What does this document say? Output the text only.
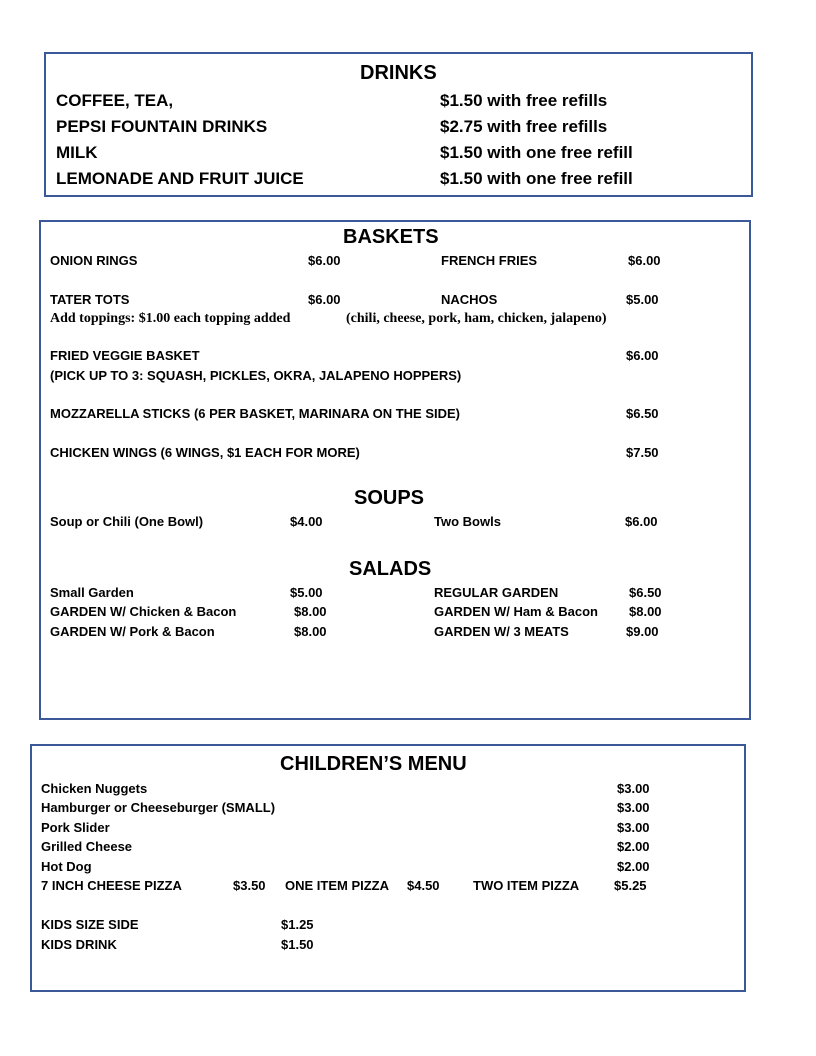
DRINKS
COFFEE, TEA,	$1.50 with free refills
PEPSI FOUNTAIN DRINKS	$2.75 with free refills
MILK	$1.50 with one free refill
LEMONADE AND FRUIT JUICE	$1.50 with one free refill
BASKETS
ONION RINGS	$6.00	FRENCH FRIES	$6.00
TATER TOTS	$6.00	NACHOS	$5.00
Add toppings: $1.00 each topping added	(chili, cheese, pork, ham, chicken, jalapeno)
FRIED VEGGIE BASKET	$6.00
(PICK UP TO 3: SQUASH, PICKLES, OKRA, JALAPENO HOPPERS)
MOZZARELLA STICKS (6 PER BASKET, MARINARA ON THE SIDE)	$6.50
CHICKEN WINGS (6 WINGS, $1 EACH FOR MORE)	$7.50
SOUPS
Soup or Chili (One Bowl)	$4.00	Two Bowls	$6.00
SALADS
Small Garden	$5.00	REGULAR GARDEN	$6.50
GARDEN W/ Chicken & Bacon	$8.00	GARDEN W/ Ham & Bacon $8.00
GARDEN W/ Pork & Bacon	$8.00	GARDEN W/ 3 MEATS	$9.00
CHILDREN’S MENU
Chicken Nuggets	$3.00
Hamburger or Cheeseburger (SMALL)	$3.00
Pork Slider	$3.00
Grilled Cheese	$2.00
Hot Dog	$2.00
7 INCH CHEESE PIZZA	$3.50 ONE ITEM PIZZA $4.50	TWO ITEM PIZZA	$5.25
KIDS SIZE SIDE	$1.25
KIDS DRINK	$1.50
